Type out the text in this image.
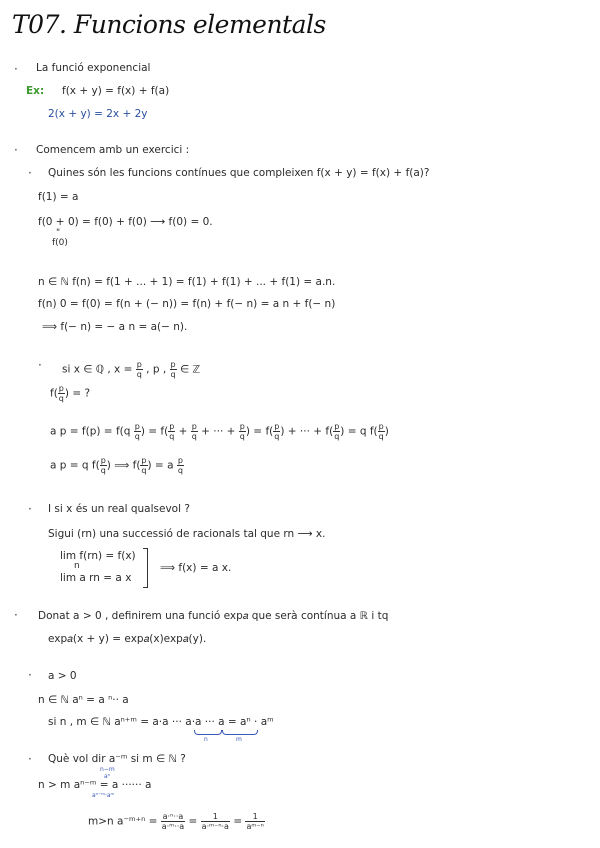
T07. Funcions elementals
· La funció exponencial
Ex: f(x + y) = f(x) + f(a)
2(x + y) = 2x + 2y
· Comencem amb un exercici :
· Quines són les funcions contínues que compleixen f(x + y) = f(x) + f(a)?
f(1) = a
f(0 + 0) = f(0) + f(0) ⟶ f(0) = 0.
"
f(0)
n ∈ ℕ f(n) = f(1 + ... + 1) = f(1) + f(1) + ... + f(1) = a.n.
f(n) 0 = f(0) = f(n + (− n)) = f(n) + f(− n) = a n + f(− n)
⟹ f(− n) = − a n = a(− n).
· si x ∈ ℚ , $x = \frac{p}{q}$ , p , $\frac{p}{q}$ ∈ ℤ
$f( \frac{p}{q}$ ) = ?
a $p = f(p) = f(q \frac{p}{q}$ ) = $f( \frac{p}{q} + \frac{p}{q}$ + ··· + $\frac{p}{q}$ ) = $f( \frac{p}{q}$ ) + ··· + $f( \frac{p}{q}$ ) = q $f( \frac{p}{q}$ )
a p = q $f( \frac{p}{q}$ ) ⟹ $f( \frac{p}{q}$ ) = a $\frac{p}{q}$
· I si x és un real qualsevol ?
Sigui (rn) una successió de racionals tal que rn ⟶ x.
lim f(rn) = f(x)
n
lim a rn = a x
⟹ f(x) = a x.
· Donat a > 0 , definirem una funció exp𝑎 que serà contínua a ℝ i tq
exp𝑎(x + y) = exp𝑎(x)exp𝑎(y).
· a > 0
n ∈ ℕ aⁿ = a ⁿ·· a
si n , m ∈ ℕ aⁿ⁺ᵐ = a·a ··· a·a ··· a = aⁿ · aᵐ
n	m
· Què vol dir a⁻ᵐ si m ∈ ℕ ?
n−m
aⁿ
n > m aⁿ⁻ᵐ = a ······ a
aⁿ⁻ᵐ·aᵐ
m>n a⁻ᵐ⁺ⁿ = $\frac{\text{a·ⁿ··a}}{\text{a·ᵐ··a}} = \frac{1}{\text{a·ᵐ⁻ⁿ·a}} = \frac{1}{\text{aᵐ⁻ⁿ}}$
